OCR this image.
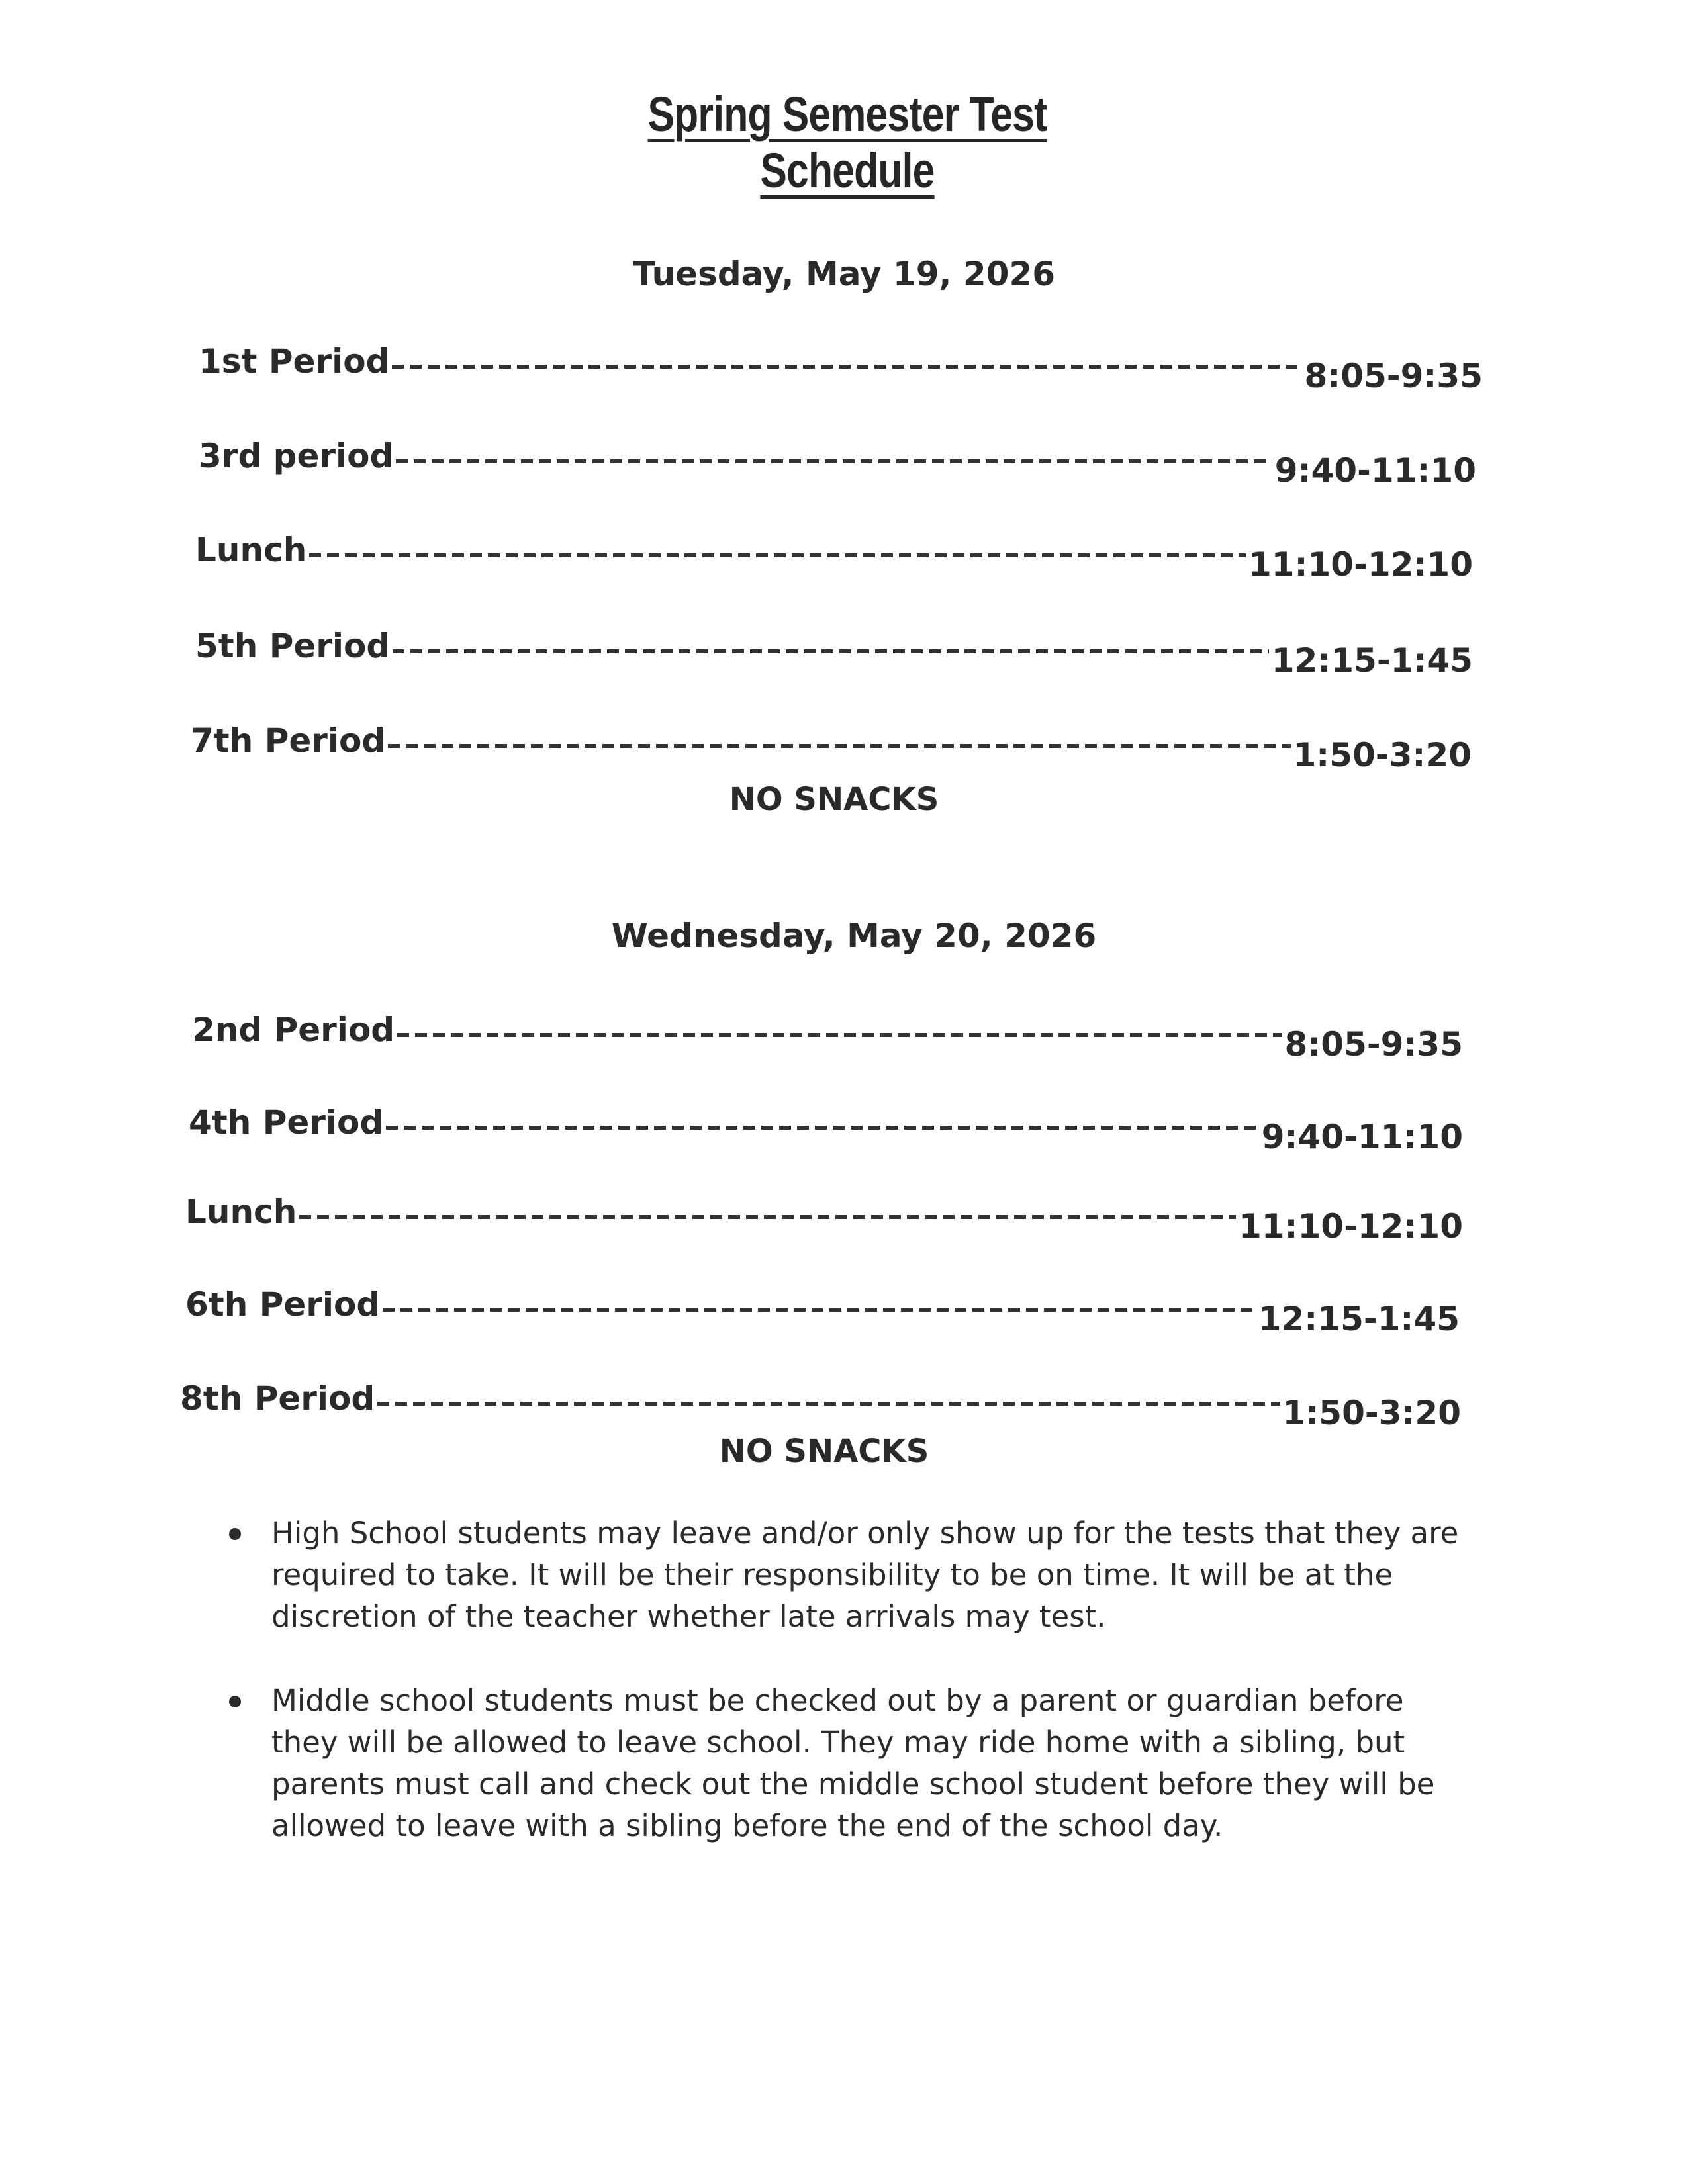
Spring Semester Test Schedule
Tuesday, May 19, 2026
1st Period	8:05-9:35
3rd period	9:40-11:10
Lunch	11:10-12:10
5th Period	12:15-1:45
7th Period	1:50-3:20
NO SNACKS
Wednesday, May 20, 2026
2nd Period	8:05-9:35
4th Period	9:40-11:10
Lunch	11:10-12:10
6th Period	12:15-1:45
8th Period	1:50-3:20
NO SNACKS
High School students may leave and/or only show up for the tests that they are required to take. It will be their responsibility to be on time. It will be at the discretion of the teacher whether late arrivals may test.
Middle school students must be checked out by a parent or guardian before they will be allowed to leave school. They may ride home with a sibling, but parents must call and check out the middle school student before they will be allowed to leave with a sibling before the end of the school day.
